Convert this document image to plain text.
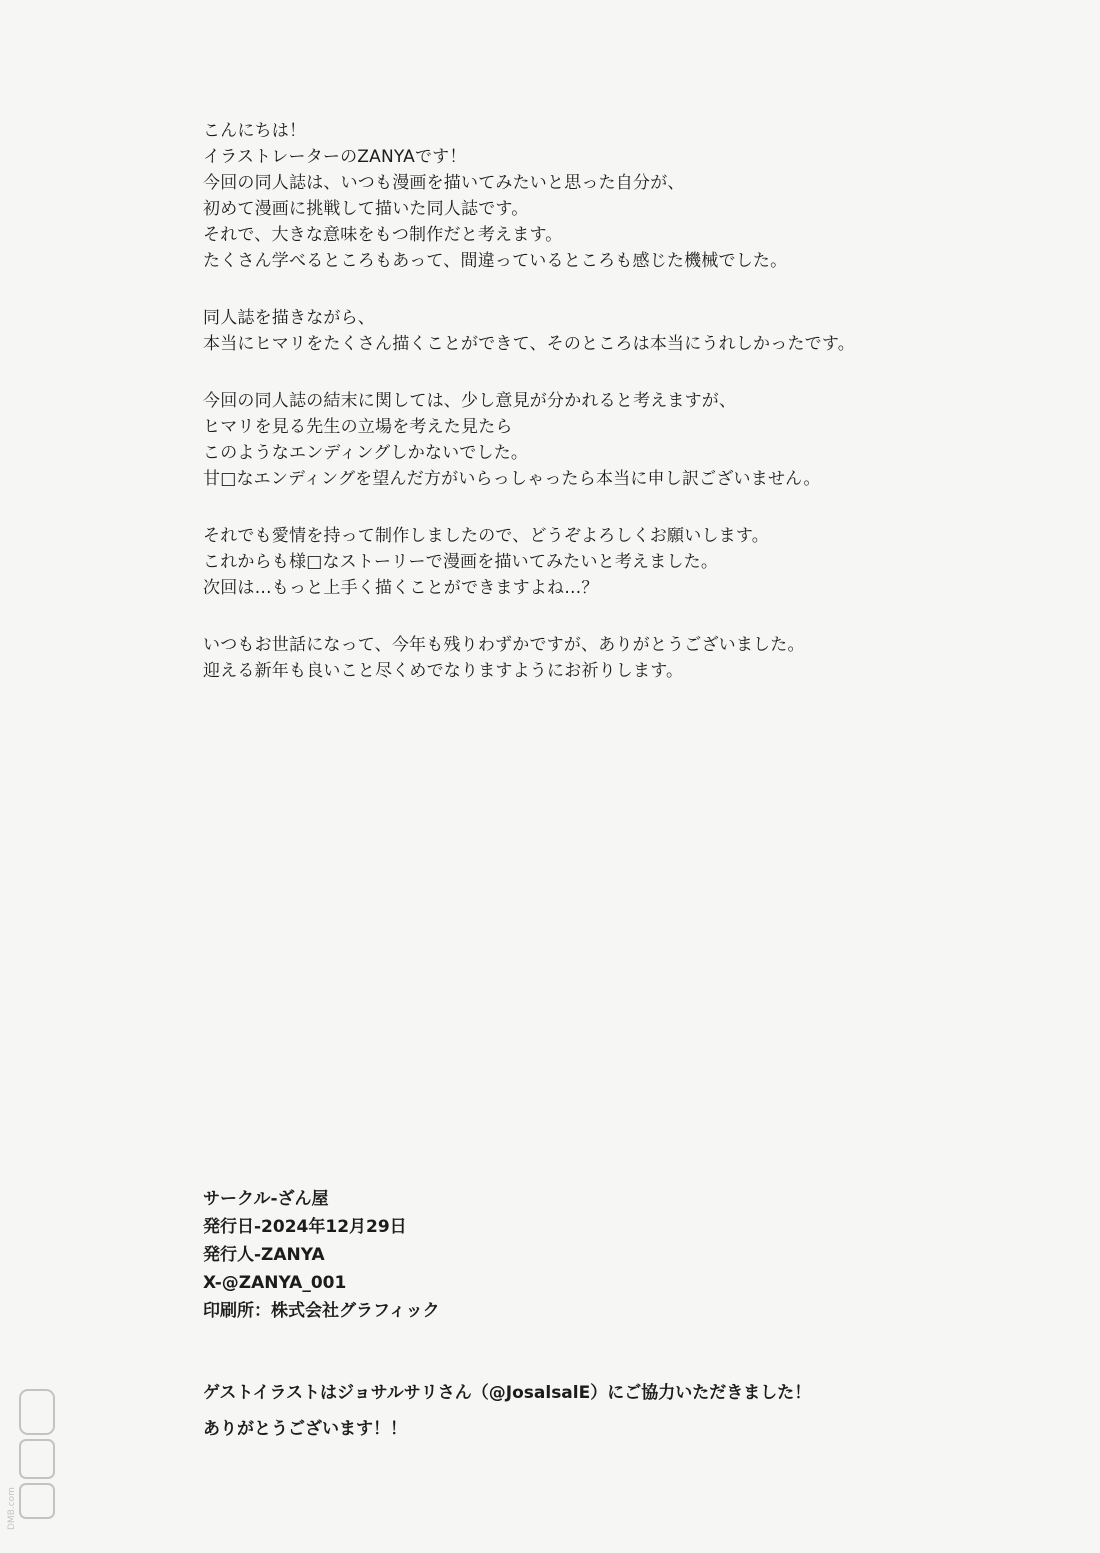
こんにちは！
イラストレーターのZANYAです！
今回の同人誌は、いつも漫画を描いてみたいと思った自分が、
初めて漫画に挑戦して描いた同人誌です。
それで、大きな意味をもつ制作だと考えます。
たくさん学べるところもあって、間違っているところも感じた機械でした。
同人誌を描きながら、
本当にヒマリをたくさん描くことができて、そのところは本当にうれしかったです。
今回の同人誌の結末に関しては、少し意見が分かれると考えますが、
ヒマリを見る先生の立場を考えた見たら
このようなエンディングしかないでした。
甘□なエンディングを望んだ方がいらっしゃったら本当に申し訳ございません。
それでも愛情を持って制作しましたので、どうぞよろしくお願いします。
これからも様□なストーリーで漫画を描いてみたいと考えました。
次回は…もっと上手く描くことができますよね…？
いつもお世話になって、今年も残りわずかですが、ありがとうございました。
迎える新年も良いこと尽くめでなりますようにお祈りします。
サークル-ざん屋
発行日-2024年12月29日
発行人-ZANYA
X-@ZANYA_001
印刷所：株式会社グラフィック
ゲストイラストはジョサルサリさん（@JosalsalE）にご協力いただきました！
ありがとうございます！！
DMB.com
